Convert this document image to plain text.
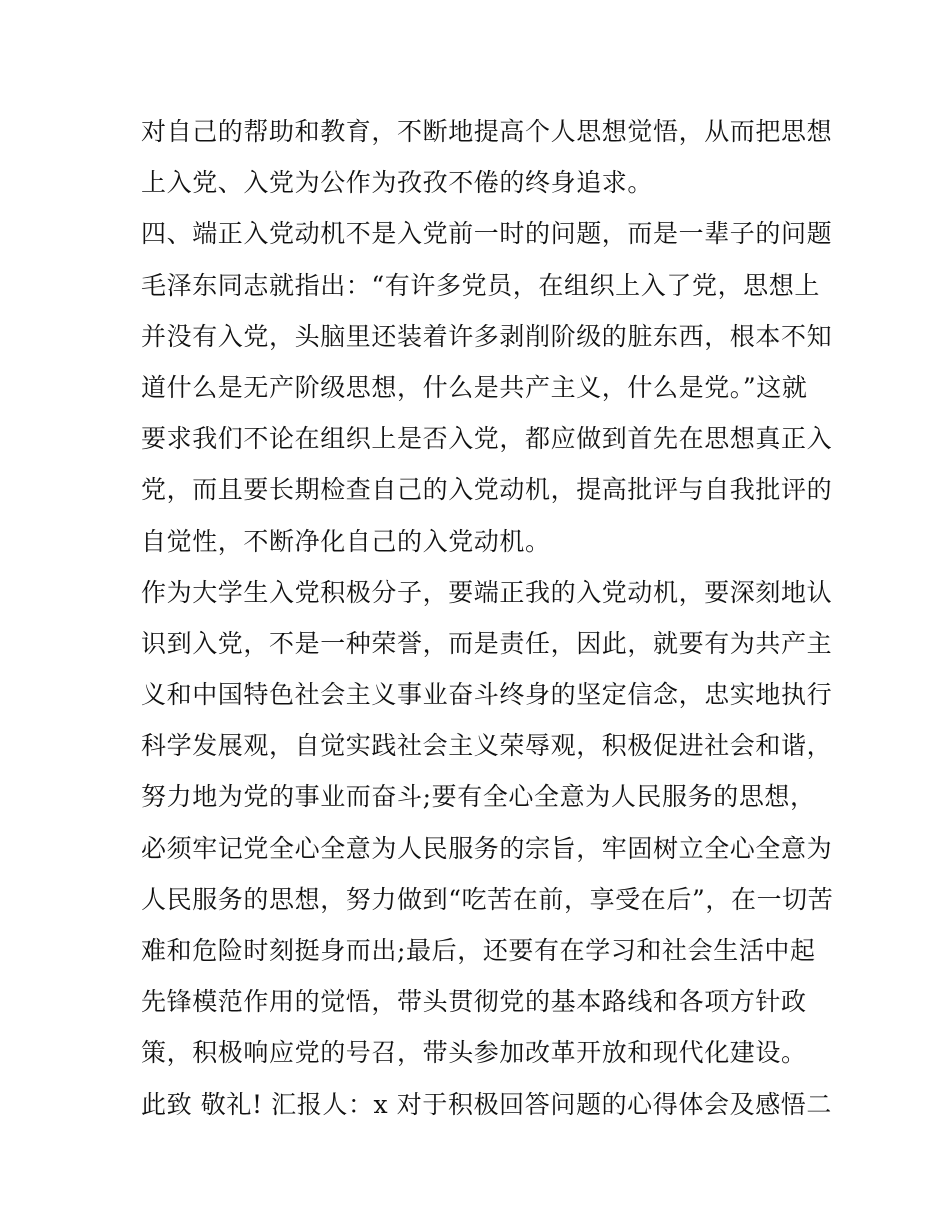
对自己的帮助和教育，不断地提高个人思想觉悟，从而把思想
上入党、入党为公作为孜孜不倦的终身追求。
四、端正入党动机不是入党前一时的问题，而是一辈子的问题
毛泽东同志就指出：“有许多党员，在组织上入了党，思想上
并没有入党，头脑里还装着许多剥削阶级的脏东西，根本不知
道什么是无产阶级思想，什么是共产主义，什么是党。”这就
要求我们不论在组织上是否入党，都应做到首先在思想真正入
党，而且要长期检查自己的入党动机，提高批评与自我批评的
自觉性，不断净化自己的入党动机。
作为大学生入党积极分子，要端正我的入党动机，要深刻地认
识到入党，不是一种荣誉，而是责任，因此，就要有为共产主
义和中国特色社会主义事业奋斗终身的坚定信念，忠实地执行
科学发展观，自觉实践社会主义荣辱观，积极促进社会和谐，
努力地为党的事业而奋斗;要有全心全意为人民服务的思想，
必须牢记党全心全意为人民服务的宗旨，牢固树立全心全意为
人民服务的思想，努力做到“吃苦在前，享受在后”，在一切苦
难和危险时刻挺身而出;最后，还要有在学习和社会生活中起
先锋模范作用的觉悟，带头贯彻党的基本路线和各项方针政
策，积极响应党的号召，带头参加改革开放和现代化建设。
此致 敬礼! 汇报人：x 对于积极回答问题的心得体会及感悟二
